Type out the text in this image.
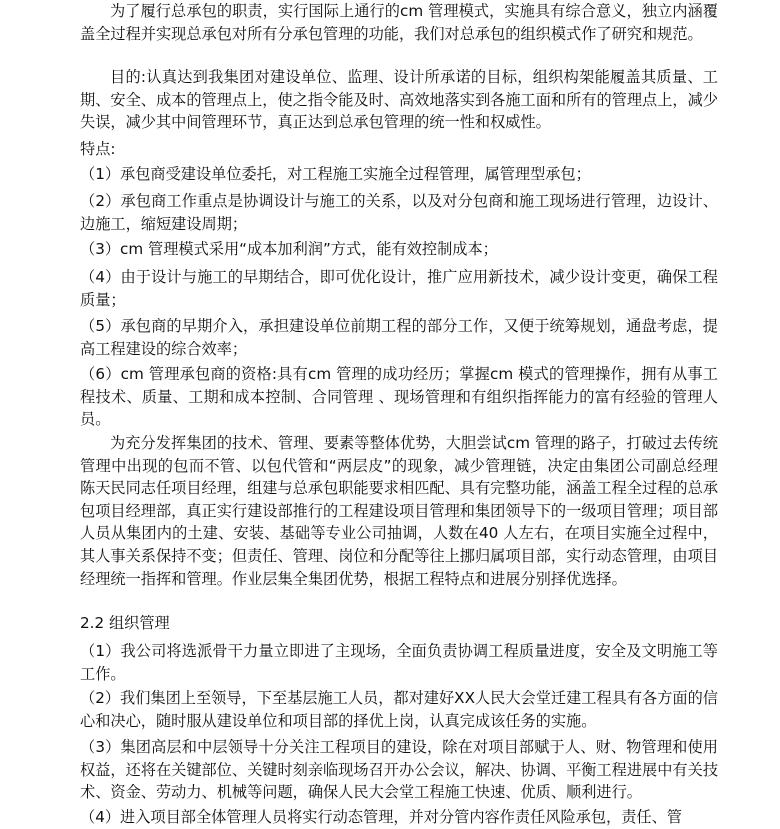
为了履行总承包的职责，实行国际上通行的cm 管理模式，实施具有综合意义，独立内涵覆盖全过程并实现总承包对所有分承包管理的功能，我们对总承包的组织模式作了研究和规范。

目的:认真达到我集团对建设单位、监理、设计所承诺的目标，组织构架能履盖其质量、工期、安全、成本的管理点上，使之指令能及时、高效地落实到各施工面和所有的管理点上，减少失误，减少其中间管理环节，真正达到总承包管理的统一性和权威性。

特点:

（1）承包商受建设单位委托，对工程施工实施全过程管理，属管理型承包；

（2）承包商工作重点是协调设计与施工的关系，以及对分包商和施工现场进行管理，边设计、边施工，缩短建设周期；

（3）cm 管理模式采用“成本加利润”方式，能有效控制成本；

（4）由于设计与施工的早期结合，即可优化设计，推广应用新技术，减少设计变更，确保工程质量；

（5）承包商的早期介入，承担建设单位前期工程的部分工作，又便于统筹规划，通盘考虑，提高工程建设的综合效率；

（6）cm 管理承包商的资格:具有cm 管理的成功经历；掌握cm 模式的管理操作，拥有从事工程技术、质量、工期和成本控制、合同管理 、现场管理和有组织指挥能力的富有经验的管理人员。

为充分发挥集团的技术、管理、要素等整体优势，大胆尝试cm 管理的路子，打破过去传统管理中出现的包而不管、以包代管和“两层皮”的现象，减少管理链，决定由集团公司副总经理陈天民同志任项目经理，组建与总承包职能要求相匹配、具有完整功能，涵盖工程全过程的总承包项目经理部，真正实行建设部推行的工程建设项目管理和集团领导下的一级项目管理；项目部人员从集团内的土建、安装、基础等专业公司抽调，人数在40 人左右，在项目实施全过程中，其人事关系保持不变；但责任、管理、岗位和分配等往上挪归属项目部，实行动态管理，由项目经理统一指挥和管理。作业层集全集团优势，根据工程特点和进展分别择优选择。

2.2 组织管理

（1）我公司将选派骨干力量立即进了主现场，全面负责协调工程质量进度，安全及文明施工等工作。

（2）我们集团上至领导，下至基层施工人员，都对建好XX人民大会堂迁建工程具有各方面的信心和决心，随时服从建设单位和项目部的择优上岗，认真完成该任务的实施。

（3）集团高层和中层领导十分关注工程项目的建设，除在对项目部赋于人、财、物管理和使用权益，还将在关键部位、关键时刻亲临现场召开办公会议，解决、协调、平衡工程进展中有关技术、资金、劳动力、机械等问题，确保人民大会堂工程施工快速、优质、顺利进行。

（4）进入项目部全体管理人员将实行动态管理，并对分管内容作责任风险承包，责任、管
